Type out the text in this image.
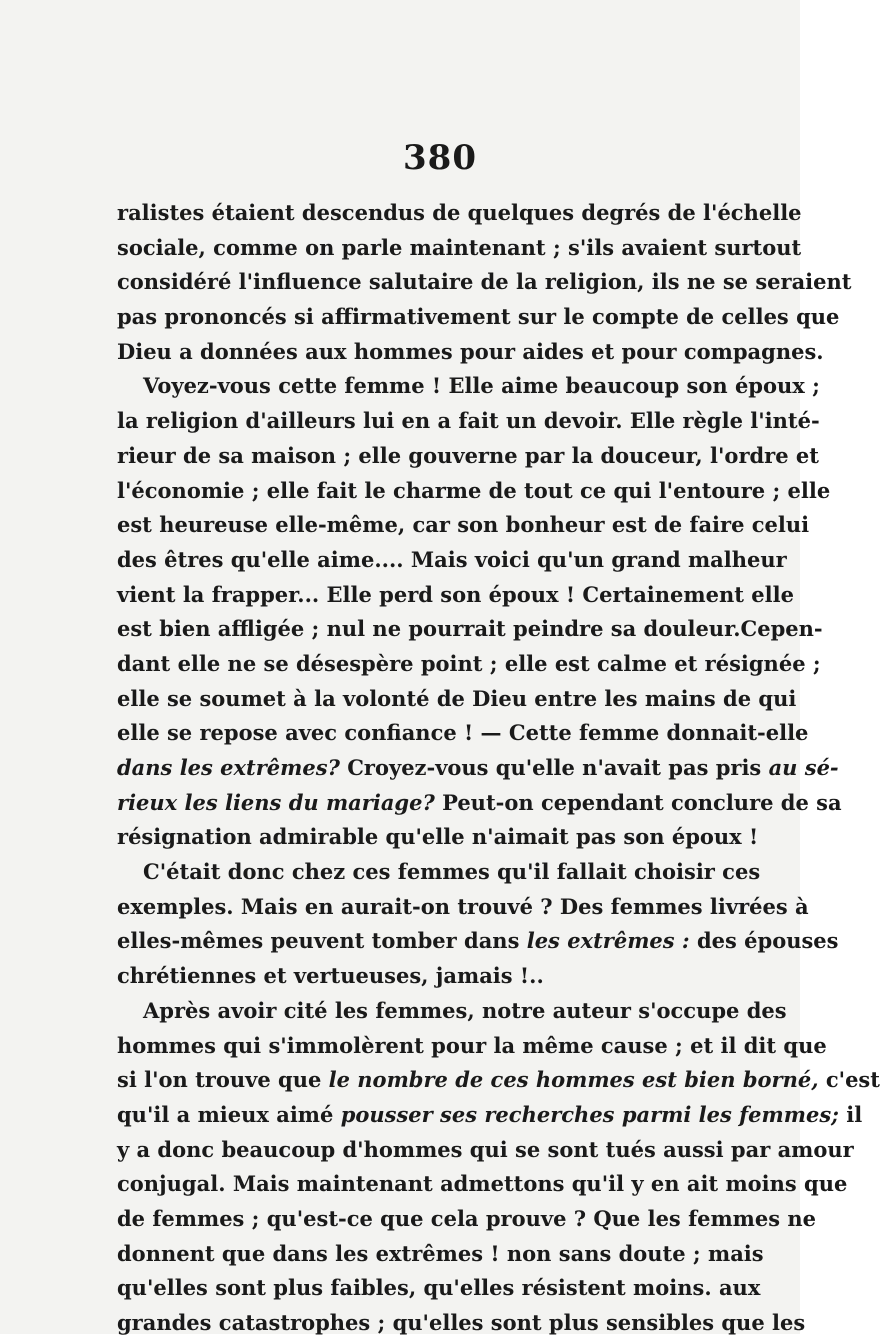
380
ralistes étaient descendus de quelques degrés de l'échelle
sociale, comme on parle maintenant ; s'ils avaient surtout
considéré l'influence salutaire de la religion, ils ne se seraient
pas prononcés si affirmativement sur le compte de celles que
Dieu a données aux hommes pour aides et pour compagnes.
Voyez-vous cette femme ! Elle aime beaucoup son époux ;
la religion d'ailleurs lui en a fait un devoir. Elle règle l'inté-
rieur de sa maison ; elle gouverne par la douceur, l'ordre et
l'économie ; elle fait le charme de tout ce qui l'entoure ; elle
est heureuse elle-même, car son bonheur est de faire celui
des êtres qu'elle aime.... Mais voici qu'un grand malheur
vient la frapper... Elle perd son époux ! Certainement elle
est bien affligée ; nul ne pourrait peindre sa douleur.Cepen-
dant elle ne se désespère point ; elle est calme et résignée ;
elle se soumet à la volonté de Dieu entre les mains de qui
elle se repose avec confiance ! — Cette femme donnait-elle
dans les extrêmes? Croyez-vous qu'elle n'avait pas pris au sé-
rieux les liens du mariage? Peut-on cependant conclure de sa
résignation admirable qu'elle n'aimait pas son époux !
C'était donc chez ces femmes qu'il fallait choisir ces
exemples. Mais en aurait-on trouvé ? Des femmes livrées à
elles-mêmes peuvent tomber dans les extrêmes : des épouses
chrétiennes et vertueuses, jamais !..
Après avoir cité les femmes, notre auteur s'occupe des
hommes qui s'immolèrent pour la même cause ; et il dit que
si l'on trouve que le nombre de ces hommes est bien borné, c'est
qu'il a mieux aimé pousser ses recherches parmi les femmes; il
y a donc beaucoup d'hommes qui se sont tués aussi par amour
conjugal. Mais maintenant admettons qu'il y en ait moins que
de femmes ; qu'est-ce que cela prouve ? Que les femmes ne
donnent que dans les extrêmes ! non sans doute ; mais
qu'elles sont plus faibles, qu'elles résistent moins. aux
grandes catastrophes ; qu'elles sont plus sensibles que les
